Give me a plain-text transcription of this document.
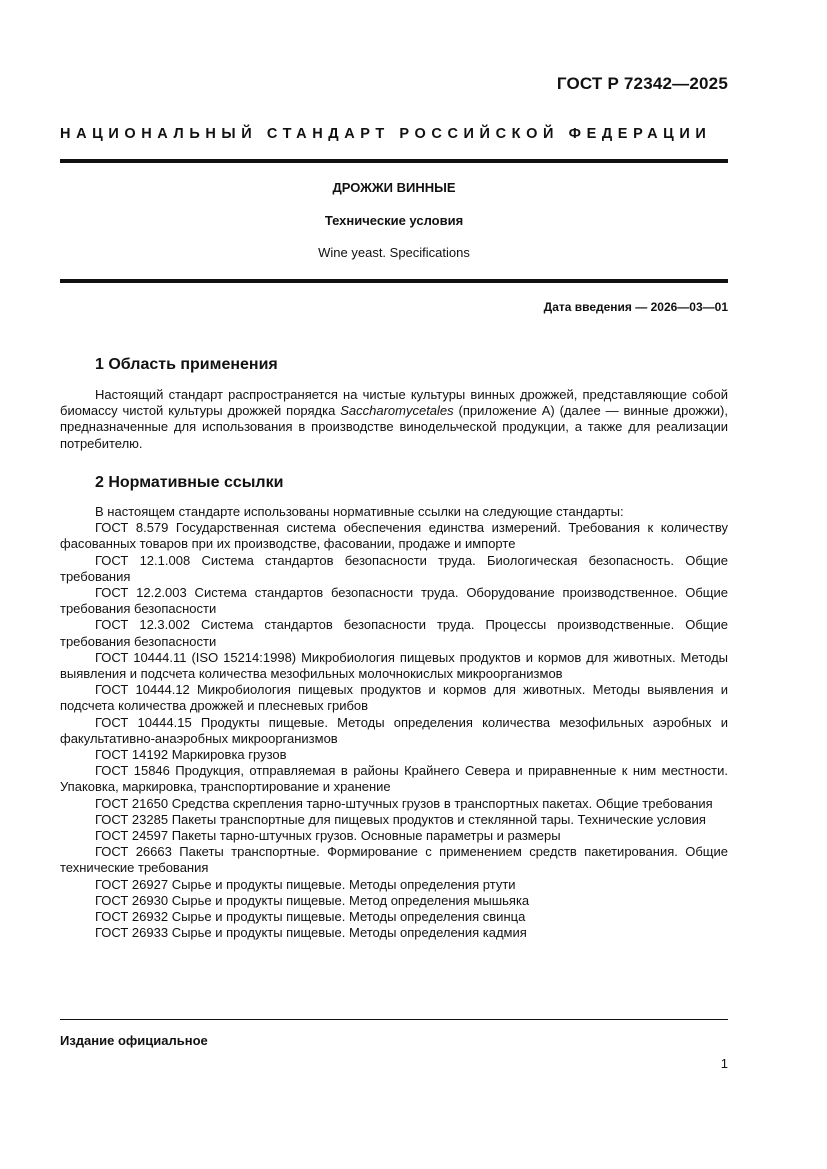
ГОСТ Р 72342—2025
НАЦИОНАЛЬНЫЙ СТАНДАРТ РОССИЙСКОЙ ФЕДЕРАЦИИ
ДРОЖЖИ ВИННЫЕ
Технические условия
Wine yeast. Specifications
Дата введения — 2026—03—01
1 Область применения

Настоящий стандарт распространяется на чистые культуры винных дрожжей, представляющие собой биомассу чистой культуры дрожжей порядка Saccharomycetales (приложение А) (далее — винные дрожжи), предназначенные для использования в производстве винодельческой продукции, а также для реализации потребителю.

2 Нормативные ссылки

В настоящем стандарте использованы нормативные ссылки на следующие стандарты:

ГОСТ 8.579 Государственная система обеспечения единства измерений. Требования к количеству фасованных товаров при их производстве, фасовании, продаже и импорте

ГОСТ 12.1.008 Система стандартов безопасности труда. Биологическая безопасность. Общие требования

ГОСТ 12.2.003 Система стандартов безопасности труда. Оборудование производственное. Общие требования безопасности

ГОСТ 12.3.002 Система стандартов безопасности труда. Процессы производственные. Общие требования безопасности

ГОСТ 10444.11 (ISO 15214:1998) Микробиология пищевых продуктов и кормов для животных. Методы выявления и подсчета количества мезофильных молочнокислых микроорганизмов

ГОСТ 10444.12 Микробиология пищевых продуктов и кормов для животных. Методы выявления и подсчета количества дрожжей и плесневых грибов

ГОСТ 10444.15 Продукты пищевые. Методы определения количества мезофильных аэробных и факультативно-анаэробных микроорганизмов

ГОСТ 14192 Маркировка грузов

ГОСТ 15846 Продукция, отправляемая в районы Крайнего Севера и приравненные к ним местности. Упаковка, маркировка, транспортирование и хранение

ГОСТ 21650 Средства скрепления тарно-штучных грузов в транспортных пакетах. Общие требования

ГОСТ 23285 Пакеты транспортные для пищевых продуктов и стеклянной тары. Технические условия

ГОСТ 24597 Пакеты тарно-штучных грузов. Основные параметры и размеры

ГОСТ 26663 Пакеты транспортные. Формирование с применением средств пакетирования. Общие технические требования

ГОСТ 26927 Сырье и продукты пищевые. Методы определения ртути

ГОСТ 26930 Сырье и продукты пищевые. Метод определения мышьяка

ГОСТ 26932 Сырье и продукты пищевые. Методы определения свинца

ГОСТ 26933 Сырье и продукты пищевые. Методы определения кадмия

Издание официальное
1
